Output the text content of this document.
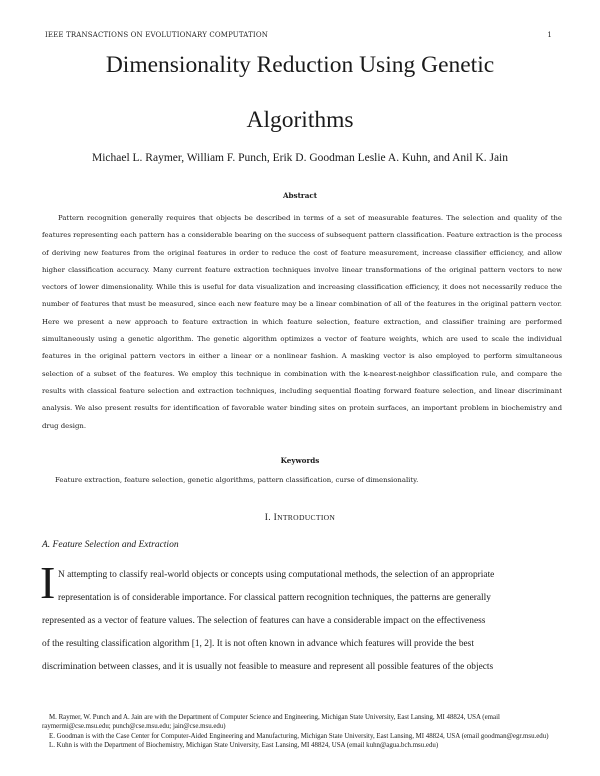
IEEE TRANSACTIONS ON EVOLUTIONARY COMPUTATION	1
Dimensionality Reduction Using Genetic
Algorithms
Michael L. Raymer, William F. Punch, Erik D. Goodman Leslie A. Kuhn, and Anil K. Jain
Abstract

Pattern recognition generally requires that objects be described in terms of a set of measurable features. The selection and quality of the features representing each pattern has a considerable bearing on the success of subsequent pattern classification. Feature extraction is the process of deriving new features from the original features in order to reduce the cost of feature measurement, increase classifier efficiency, and allow higher classification accuracy. Many current feature extraction techniques involve linear transformations of the original pattern vectors to new vectors of lower dimensionality. While this is useful for data visualization and increasing classification efficiency, it does not necessarily reduce the number of features that must be measured, since each new feature may be a linear combination of all of the features in the original pattern vector. Here we present a new approach to feature extraction in which feature selection, feature extraction, and classifier training are performed simultaneously using a genetic algorithm. The genetic algorithm optimizes a vector of feature weights, which are used to scale the individual features in the original pattern vectors in either a linear or a nonlinear fashion. A masking vector is also employed to perform simultaneous selection of a subset of the features. We employ this technique in combination with the k-nearest-neighbor classification rule, and compare the results with classical feature selection and extraction techniques, including sequential floating forward feature selection, and linear discriminant analysis. We also present results for identification of favorable water binding sites on protein surfaces, an important problem in biochemistry and drug design.

Keywords

Feature extraction, feature selection, genetic algorithms, pattern classification, curse of dimensionality.

I. INTRODUCTION
A. Feature Selection and Extraction
I N attempting to classify real-world objects or concepts using computational methods, the selection of an appropriate
representation is of considerable importance. For classical pattern recognition techniques, the patterns are generally
represented as a vector of feature values. The selection of features can have a considerable impact on the effectiveness
of the resulting classification algorithm [1, 2]. It is not often known in advance which features will provide the best
discrimination between classes, and it is usually not feasible to measure and represent all possible features of the objects

M. Raymer, W. Punch and A. Jain are with the Department of Computer Science and Engineering, Michigan State University, East Lansing, MI 48824, USA (email raymermi@cse.msu.edu; punch@cse.msu.edu; jain@cse.msu.edu)

E. Goodman is with the Case Center for Computer-Aided Engineering and Manufacturing, Michigan State University, East Lansing, MI 48824, USA (email goodman@egr.msu.edu)

L. Kuhn is with the Department of Biochemistry, Michigan State University, East Lansing, MI 48824, USA (email kuhn@agua.bch.msu.edu)
